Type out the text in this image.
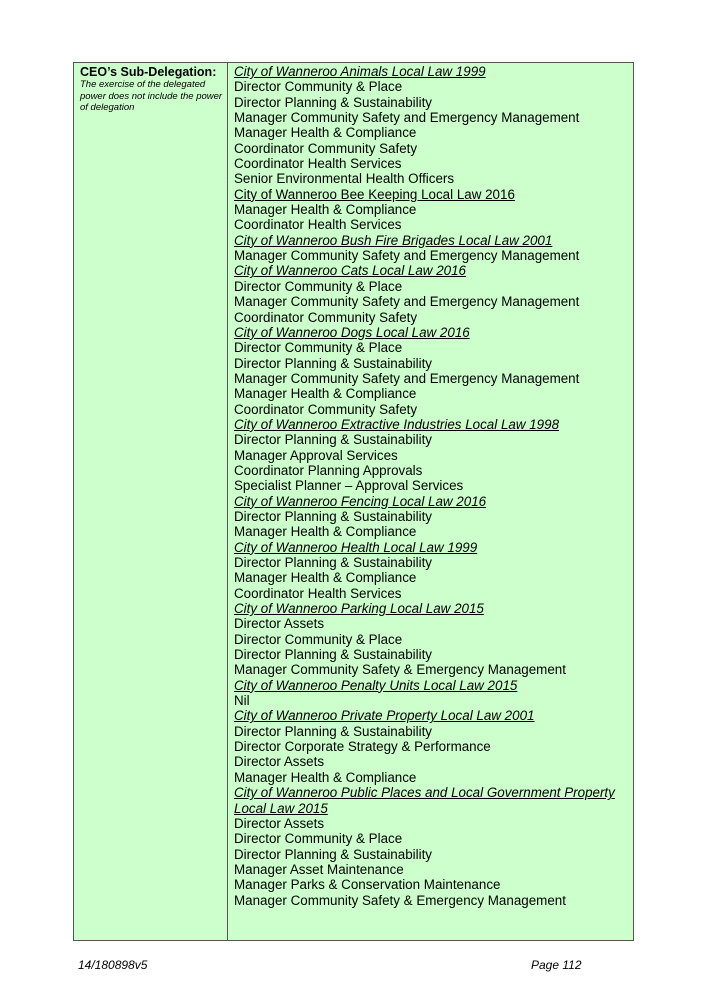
CEO’s Sub-Delegation:
The exercise of the delegated power does not include the power of delegation
City of Wanneroo Animals Local Law 1999
Director Community & Place
Director Planning & Sustainability
Manager Community Safety and Emergency Management
Manager Health & Compliance
Coordinator Community Safety
Coordinator Health Services
Senior Environmental Health Officers
City of Wanneroo Bee Keeping Local Law 2016
Manager Health & Compliance
Coordinator Health Services
City of Wanneroo Bush Fire Brigades Local Law 2001
Manager Community Safety and Emergency Management
City of Wanneroo Cats Local Law 2016
Director Community & Place
Manager Community Safety and Emergency Management
Coordinator Community Safety
City of Wanneroo Dogs Local Law 2016
Director Community & Place
Director Planning & Sustainability
Manager Community Safety and Emergency Management
Manager Health & Compliance
Coordinator Community Safety
City of Wanneroo Extractive Industries Local Law 1998
Director Planning & Sustainability
Manager Approval Services
Coordinator Planning Approvals
Specialist Planner – Approval Services
City of Wanneroo Fencing Local Law 2016
Director Planning & Sustainability
Manager Health & Compliance
City of Wanneroo Health Local Law 1999
Director Planning & Sustainability
Manager Health & Compliance
Coordinator Health Services
City of Wanneroo Parking Local Law 2015
Director Assets
Director Community & Place
Director Planning & Sustainability
Manager Community Safety & Emergency Management
City of Wanneroo Penalty Units Local Law 2015
Nil
City of Wanneroo Private Property Local Law 2001
Director Planning & Sustainability
Director Corporate Strategy & Performance
Director Assets
Manager Health & Compliance
City of Wanneroo Public Places and Local Government Property
Local Law 2015
Director Assets
Director Community & Place
Director Planning & Sustainability
Manager Asset Maintenance
Manager Parks & Conservation Maintenance
Manager Community Safety & Emergency Management
14/180898v5	Page 112
